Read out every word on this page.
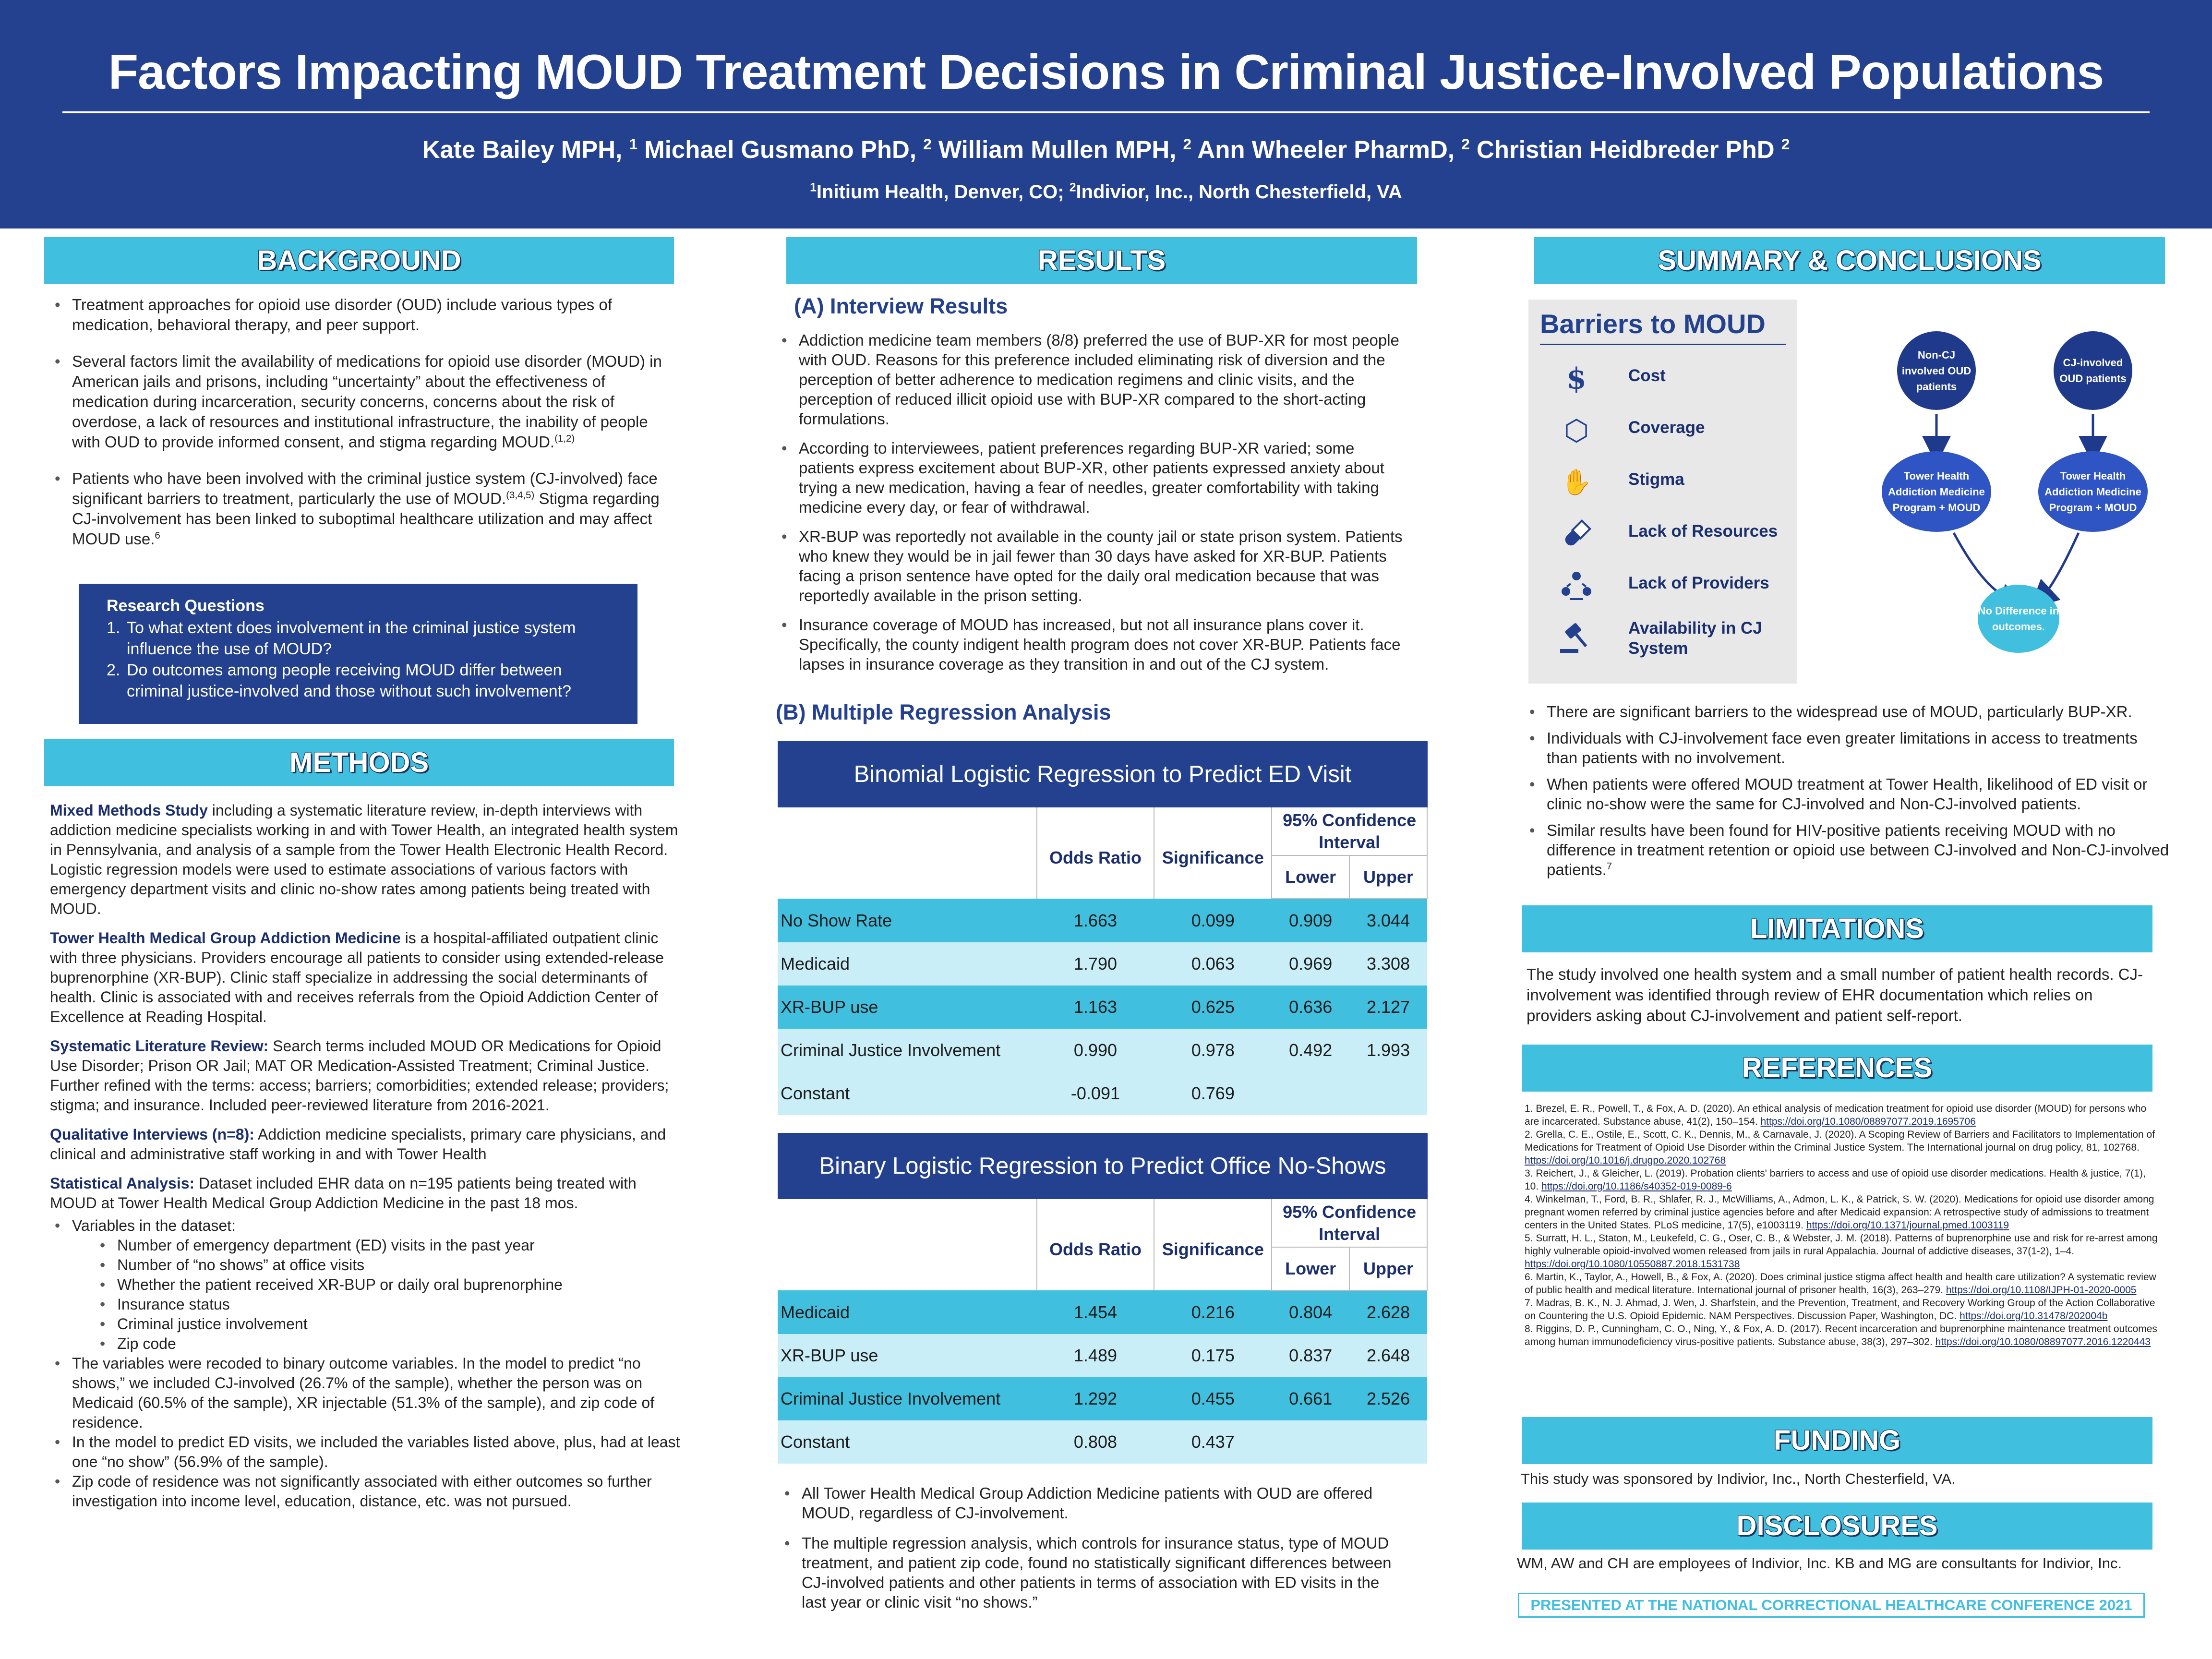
Factors Impacting MOUD Treatment Decisions in Criminal Justice-Involved Populations
Kate Bailey MPH, $^1$ Michael Gusmano PhD, $^2$ William Mullen MPH, $^2$ Ann Wheeler PharmD, $^2$ Christian Heidbreder PhD $^2$
$^1$Initium Health, Denver, CO; $^2$Indivior, Inc., North Chesterfield, VA
BACKGROUND
• Treatment approaches for opioid use disorder (OUD) include various types of medication, behavioral therapy, and peer support.
• Several factors limit the availability of medications for opioid use disorder (MOUD) in American jails and prisons, including “uncertainty” about the effectiveness of medication during incarceration, security concerns, concerns about the risk of overdose, a lack of resources and institutional infrastructure, the inability of people with OUD to provide informed consent, and stigma regarding MOUD.$^{(1,2)}$
• Patients who have been involved with the criminal justice system (CJ-involved) face significant barriers to treatment, particularly the use of MOUD.$^{(3,4,5)}$ Stigma regarding CJ-involvement has been linked to suboptimal healthcare utilization and may affect MOUD use.$^6$
Research Questions
1. To what extent does involvement in the criminal justice system influence the use of MOUD?
2. Do outcomes among people receiving MOUD differ between criminal justice-involved and those without such involvement?
METHODS

Mixed Methods Study including a systematic literature review, in-depth interviews with addiction medicine specialists working in and with Tower Health, an integrated health system in Pennsylvania, and analysis of a sample from the Tower Health Electronic Health Record. Logistic regression models were used to estimate associations of various factors with emergency department visits and clinic no-show rates among patients being treated with MOUD.

Tower Health Medical Group Addiction Medicine is a hospital-affiliated outpatient clinic with three physicians. Providers encourage all patients to consider using extended-release buprenorphine (XR-BUP). Clinic staff specialize in addressing the social determinants of health. Clinic is associated with and receives referrals from the Opioid Addiction Center of Excellence at Reading Hospital.

Systematic Literature Review: Search terms included MOUD OR Medications for Opioid Use Disorder; Prison OR Jail; MAT OR Medication-Assisted Treatment; Criminal Justice. Further refined with the terms: access; barriers; comorbidities; extended release; providers; stigma; and insurance. Included peer-reviewed literature from 2016-2021.

Qualitative Interviews (n=8): Addiction medicine specialists, primary care physicians, and clinical and administrative staff working in and with Tower Health

Statistical Analysis: Dataset included EHR data on n=195 patients being treated with MOUD at Tower Health Medical Group Addiction Medicine in the past 18 mos.

• Variables in the dataset:
• Number of emergency department (ED) visits in the past year
• Number of “no shows” at office visits
• Whether the patient received XR-BUP or daily oral buprenorphine
• Insurance status
• Criminal justice involvement
• Zip code
• The variables were recoded to binary outcome variables. In the model to predict “no shows,” we included CJ-involved (26.7% of the sample), whether the person was on Medicaid (60.5% of the sample), XR injectable (51.3% of the sample), and zip code of residence.
• In the model to predict ED visits, we included the variables listed above, plus, had at least one “no show” (56.9% of the sample).
• Zip code of residence was not significantly associated with either outcomes so further investigation into income level, education, distance, etc. was not pursued.
RESULTS
(A) Interview Results
• Addiction medicine team members (8/8) preferred the use of BUP-XR for most people with OUD. Reasons for this preference included eliminating risk of diversion and the perception of better adherence to medication regimens and clinic visits, and the perception of reduced illicit opioid use with BUP-XR compared to the short-acting formulations.
• According to interviewees, patient preferences regarding BUP-XR varied; some patients express excitement about BUP-XR, other patients expressed anxiety about trying a new medication, having a fear of needles, greater comfortability with taking medicine every day, or fear of withdrawal.
• XR-BUP was reportedly not available in the county jail or state prison system. Patients who knew they would be in jail fewer than 30 days have asked for XR-BUP. Patients facing a prison sentence have opted for the daily oral medication because that was reportedly available in the prison setting.
• Insurance coverage of MOUD has increased, but not all insurance plans cover it. Specifically, the county indigent health program does not cover XR-BUP. Patients face lapses in insurance coverage as they transition in and out of the CJ system.
(B) Multiple Regression Analysis
Binomial Logistic Regression to Predict ED Visit
	Odds Ratio	Significance	95% Confidence Interval	
			Lower	Upper
No Show Rate	1.663	0.099	0.909	3.044
Medicaid	1.790	0.063	0.969	3.308
XR-BUP use	1.163	0.625	0.636	2.127
Criminal Justice Involvement	0.990	0.978	0.492	1.993
Constant	-0.091	0.769		
Binary Logistic Regression to Predict Office No-Shows
	Odds Ratio	Significance	95% Confidence Interval	
			Lower	Upper
Medicaid	1.454	0.216	0.804	2.628
XR-BUP use	1.489	0.175	0.837	2.648
Criminal Justice Involvement	1.292	0.455	0.661	2.526
Constant	0.808	0.437		
• All Tower Health Medical Group Addiction Medicine patients with OUD are offered MOUD, regardless of CJ-involvement.
• The multiple regression analysis, which controls for insurance status, type of MOUD treatment, and patient zip code, found no statistically significant differences between CJ-involved patients and other patients in terms of association with ED visits in the last year or clinic visit “no shows.”
SUMMARY & CONCLUSIONS
Barriers to MOUD
$	Cost
⬡	Coverage
✋ Stigma
Lack of Resources
Lack of Providers
Availability in CJ System
Non-CJ involved OUD patients
CJ-involved OUD patients
Tower Health Addiction Medicine Program + MOUD
Tower Health Addiction Medicine Program + MOUD
No Difference in outcomes.
• There are significant barriers to the widespread use of MOUD, particularly BUP-XR.
• Individuals with CJ-involvement face even greater limitations in access to treatments than patients with no involvement.
• When patients were offered MOUD treatment at Tower Health, likelihood of ED visit or clinic no-show were the same for CJ-involved and Non-CJ-involved patients.
• Similar results have been found for HIV-positive patients receiving MOUD with no difference in treatment retention or opioid use between CJ-involved and Non-CJ-involved patients.$^7$
LIMITATIONS
The study involved one health system and a small number of patient health records. CJ-involvement was identified through review of EHR documentation which relies on providers asking about CJ-involvement and patient self-report.
REFERENCES
1. Brezel, E. R., Powell, T., & Fox, A. D. (2020). An ethical analysis of medication treatment for opioid use disorder (MOUD) for persons who are incarcerated. Substance abuse, 41(2), 150–154. https://doi.org/10.1080/08897077.2019.1695706
2. Grella, C. E., Ostile, E., Scott, C. K., Dennis, M., & Carnavale, J. (2020). A Scoping Review of Barriers and Facilitators to Implementation of Medications for Treatment of Opioid Use Disorder within the Criminal Justice System. The International journal on drug policy, 81, 102768. https://doi.org/10.1016/j.drugpo.2020.102768
3. Reichert, J., & Gleicher, L. (2019). Probation clients' barriers to access and use of opioid use disorder medications. Health & justice, 7(1), 10. https://doi.org/10.1186/s40352-019-0089-6
4. Winkelman, T., Ford, B. R., Shlafer, R. J., McWilliams, A., Admon, L. K., & Patrick, S. W. (2020). Medications for opioid use disorder among pregnant women referred by criminal justice agencies before and after Medicaid expansion: A retrospective study of admissions to treatment centers in the United States. PLoS medicine, 17(5), e1003119. https://doi.org/10.1371/journal.pmed.1003119
5. Surratt, H. L., Staton, M., Leukefeld, C. G., Oser, C. B., & Webster, J. M. (2018). Patterns of buprenorphine use and risk for re-arrest among highly vulnerable opioid-involved women released from jails in rural Appalachia. Journal of addictive diseases, 37(1-2), 1–4. https://doi.org/10.1080/10550887.2018.1531738
6. Martin, K., Taylor, A., Howell, B., & Fox, A. (2020). Does criminal justice stigma affect health and health care utilization? A systematic review of public health and medical literature. International journal of prisoner health, 16(3), 263–279. https://doi.org/10.1108/IJPH-01-2020-0005
7. Madras, B. K., N. J. Ahmad, J. Wen, J. Sharfstein, and the Prevention, Treatment, and Recovery Working Group of the Action Collaborative on Countering the U.S. Opioid Epidemic. NAM Perspectives. Discussion Paper, Washington, DC. https://doi.org/10.31478/202004b
8. Riggins, D. P., Cunningham, C. O., Ning, Y., & Fox, A. D. (2017). Recent incarceration and buprenorphine maintenance treatment outcomes among human immunodeficiency virus-positive patients. Substance abuse, 38(3), 297–302. https://doi.org/10.1080/08897077.2016.1220443
FUNDING
This study was sponsored by Indivior, Inc., North Chesterfield, VA.
DISCLOSURES
WM, AW and CH are employees of Indivior, Inc. KB and MG are consultants for Indivior, Inc.
PRESENTED AT THE NATIONAL CORRECTIONAL HEALTHCARE CONFERENCE 2021
